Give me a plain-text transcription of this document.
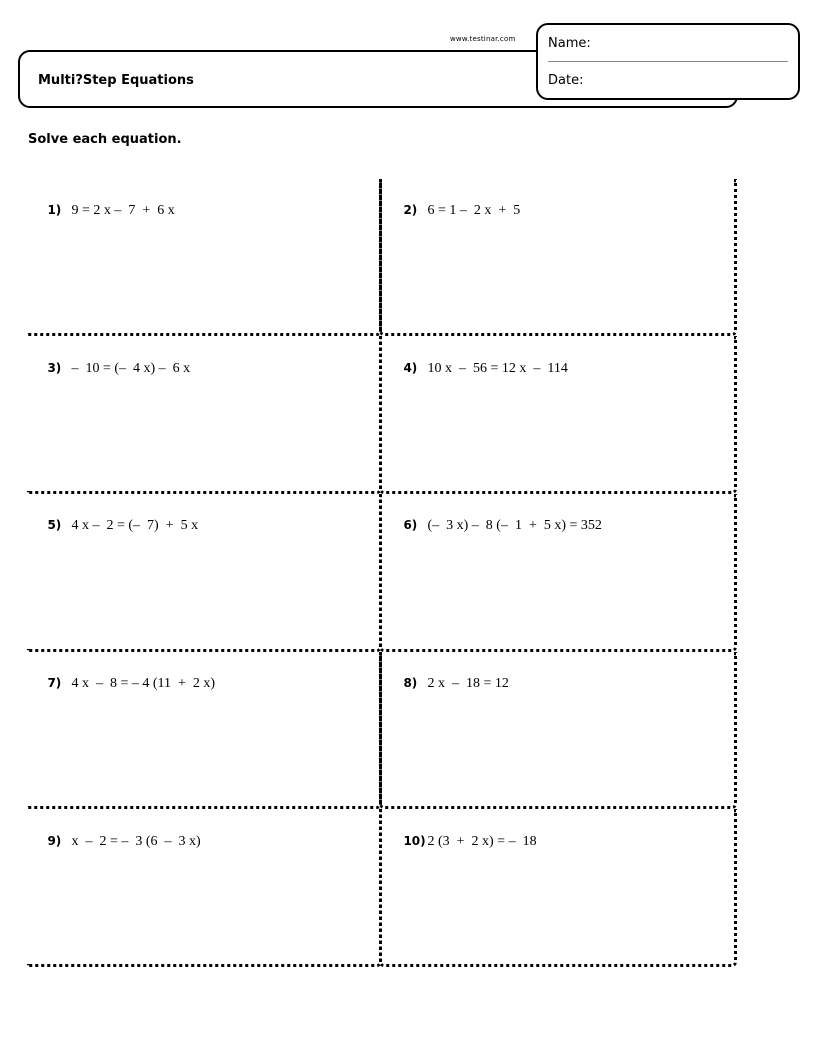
Multi?Step Equations
www.testinar.com	Name:
Date:
Solve each equation.

1) 9 = 2 x –  7  +  6 x
	2) 6 = 1 –  2 x  +  5

3) –  10 = (–  4 x) –  6 x
	4) 10 x  –  56 = 12 x  –  114

5) 4 x –  2 = (–  7)  +  5 x
	6) (–  3 x) –  8 (–  1  +  5 x) = 352

7) 4 x  –  8 = – 4 (11  +  2 x)
	8) 2 x  –  18 = 12

9) x  –  2 = –  3 (6  –  3 x)
	10) 2 (3  +  2 x) = –  18
